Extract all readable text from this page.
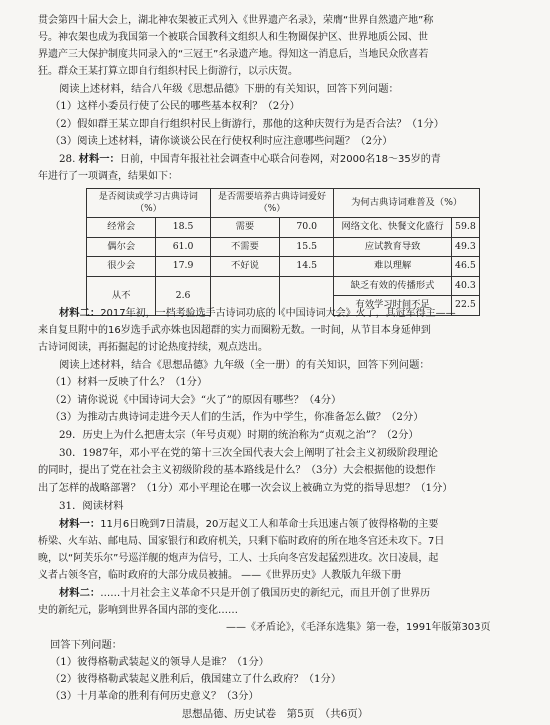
贯会第四十届大会上，湖北神农架被正式列入《世界遗产名录》，荣膺“世界自然遗产地”称
号。神农架也成为我国第一个被联合国教科文组织人和生物圈保护区、世界地质公园、世
界遗产三大保护制度共同录入的“三冠王”名录遗产地。得知这一消息后，当地民众欣喜若
狂。群众王某打算立即自行组织村民上街游行，以示庆贺。
阅读上述材料，结合八年级《思想品德》下册的有关知识，回答下列问题：
（1）这样小委员行使了公民的哪些基本权利？（2分）
（2）假如群王某立即自行组织村民上街游行，那他的这种庆贺行为是否合法？（1分）
（3）阅读上述材料，请你谈谈公民在行使权利时应注意哪些问题？（2分）
28. 材料一：日前，中国青年报社社会调查中心联合问卷网，对2000名18～35岁的青
年进行了一项调查，结果如下：
是否阅读或学习古典诗词（%）		是否需要培养古典诗词爱好（%）		为何古典诗词难普及（%）	
经常会	18.5	需要	70.0	网络文化、快餐文化盛行	59.8
偶尔会	61.0	不需要	15.5	应试教育导致	49.3
很少会	17.9	不好说	14.5	难以理解	46.5
从不	2.6			缺乏有效的传播形式	40.3
				有效学习时间不足	22.5
材料二：2017年初，一档考验选手古诗词功底的《中国诗词大会》火了，其冠军得主——
来自复旦附中的16岁选手武亦姝也因超群的实力而圈粉无数。一时间，从节目本身延伸到
古诗词阅读，再拓掘起的讨论热度持续，观点迭出。
阅读上述材料，结合《思想品德》九年级（全一册）的有关知识，回答下列问题：
（1）材料一反映了什么？（1分）
（2）请你说说《中国诗词大会》“火了”的原因有哪些？（4分）
（3）为推动古典诗词走进今天人们的生活，作为中学生，你准备怎么做？（2分）
29．历史上为什么把唐太宗（年号贞观）时期的统治称为“贞观之治”？（2分）
30．1987年，邓小平在党的第十三次全国代表大会上阐明了社会主义初级阶段理论
的同时，提出了党在社会主义初级阶段的基本路线是什么？（3分）大会根据他的设想作
出了怎样的战略部署？（1分）邓小平理论在哪一次会议上被确立为党的指导思想？（1分）
31．阅读材料
材料一：11月6日晚到7日清晨，20万起义工人和革命士兵迅速占领了彼得格勒的主要
桥梁、火车站、邮电局、国家银行和政府机关，只剩下临时政府的所在地冬宫还未攻下。7日
晚，以“阿芙乐尔”号巡洋舰的炮声为信号，工人、士兵向冬宫发起猛烈进攻。次日凌晨，起
义者占领冬宫，临时政府的大部分成员被捕。 ——《世界历史》人教版九年级下册
材料二：……十月社会主义革命不只是开创了俄国历史的新纪元，而且开创了世界历
史的新纪元，影响到世界各国内部的变化……
——《矛盾论》，《毛泽东选集》第一卷，1991年版第303页
回答下列问题：
（1）彼得格勒武装起义的领导人是谁？（1分）
（2）彼得格勒武装起义胜利后，俄国建立了什么政府？（1分）
（3）十月革命的胜利有何历史意义？（3分）
思想品德、历史试卷　第5页　（共6页）
